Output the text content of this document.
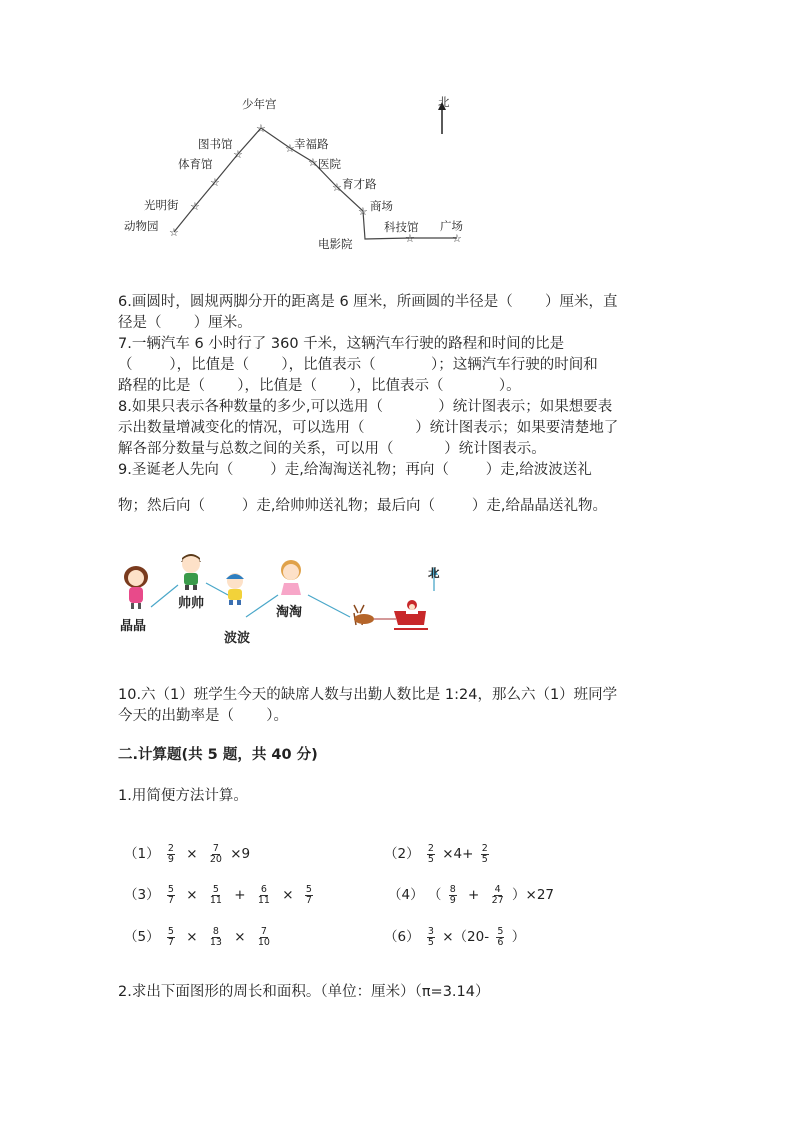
北
☆
☆
☆
☆
☆
☆
☆
☆
☆
☆	☆
少年宫
图书馆
体育馆
光明街
动物园
幸福路
医院
育才路
商场
电影院
科技馆 广场
6.画圆时，圆规两脚分开的距离是 6 厘米，所画圆的半径是（       ）厘米，直
径是（       ）厘米。
7.一辆汽车 6 小时行了 360 千米，这辆汽车行驶的路程和时间的比是
（        ），比值是（       ），比值表示（            ）；这辆汽车行驶的时间和
路程的比是（       ），比值是（       ），比值表示（            ）。
8.如果只表示各种数量的多少,可以选用（            ）统计图表示；如果想要表
示出数量增减变化的情况，可以选用（           ）统计图表示；如果要清楚地了
解各部分数量与总数之间的关系，可以用（           ）统计图表示。
9.圣诞老人先向（        ）走,给淘淘送礼物；再向（        ）走,给波波送礼
物；然后向（        ）走,给帅帅送礼物；最后向（        ）走,给晶晶送礼物。
晶晶
帅帅
波波
淘淘
北
10.六（1）班学生今天的缺席人数与出勤人数比是 1:24，那么六（1）班同学
今天的出勤率是（       ）。
二.计算题(共 5 题，共 40 分)
1.用简便方法计算。
$(1) \frac{2}{9} \times \frac{7}{20} \times 9$	$(2) \frac{2}{5} \times 4+ \frac{2}{5}$
$(3) \frac{5}{7} \times \frac{5}{11} + \frac{6}{11} \times \frac{5}{7}$	（4） （ $\frac{8}{9} + \frac{4}{27} )\times 27$
$(5) \frac{5}{7} \times \frac{8}{13} \times \frac{7}{10}$	$(6) \frac{3}{5} \times(20- \frac{5}{6}$ ）
2.求出下面图形的周长和面积。（单位：厘米）（π=3.14）
